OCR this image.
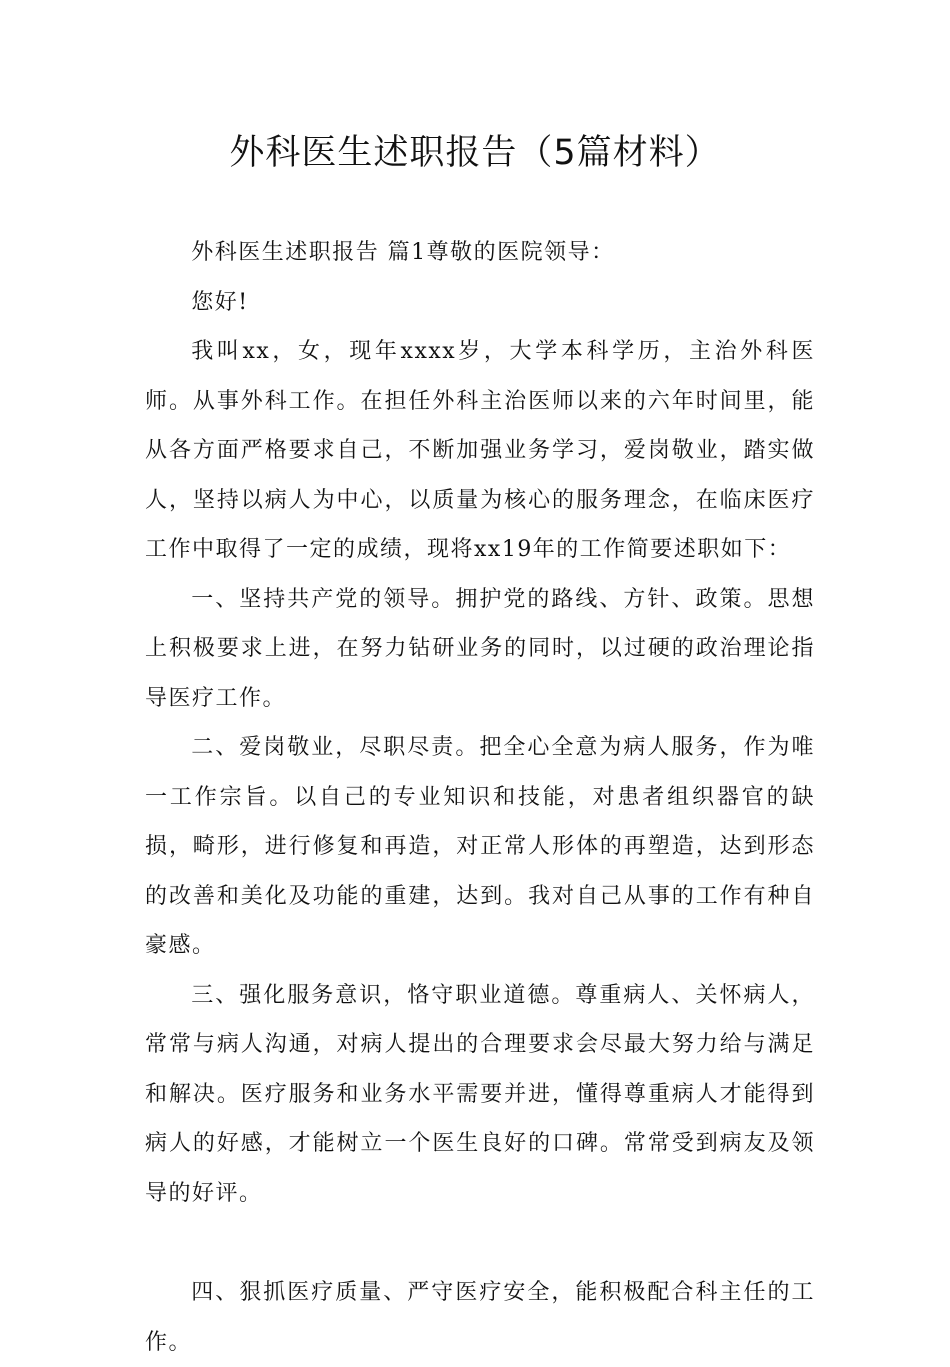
外科医生述职报告（5篇材料）

外科医生述职报告 篇1尊敬的医院领导：

您好!

我叫xx，女，现年xxxx岁，大学本科学历，主治外科医师。从事外科工作。在担任外科主治医师以来的六年时间里，能从各方面严格要求自己，不断加强业务学习，爱岗敬业，踏实做人，坚持以病人为中心，以质量为核心的服务理念，在临床医疗工作中取得了一定的成绩，现将xx19年的工作简要述职如下：

一、坚持共产党的领导。拥护党的路线、方针、政策。思想上积极要求上进，在努力钻研业务的同时，以过硬的政治理论指导医疗工作。

二、爱岗敬业，尽职尽责。把全心全意为病人服务，作为唯一工作宗旨。以自己的专业知识和技能，对患者组织器官的缺损，畸形，进行修复和再造，对正常人形体的再塑造，达到形态的改善和美化及功能的重建，达到。我对自己从事的工作有种自豪感。

三、强化服务意识，恪守职业道德。尊重病人、关怀病人，常常与病人沟通，对病人提出的合理要求会尽最大努力给与满足和解决。医疗服务和业务水平需要并进，懂得尊重病人才能得到病人的好感，才能树立一个医生良好的口碑。常常受到病友及领导的好评。

四、狠抓医疗质量、严守医疗安全，能积极配合科主任的工作。
